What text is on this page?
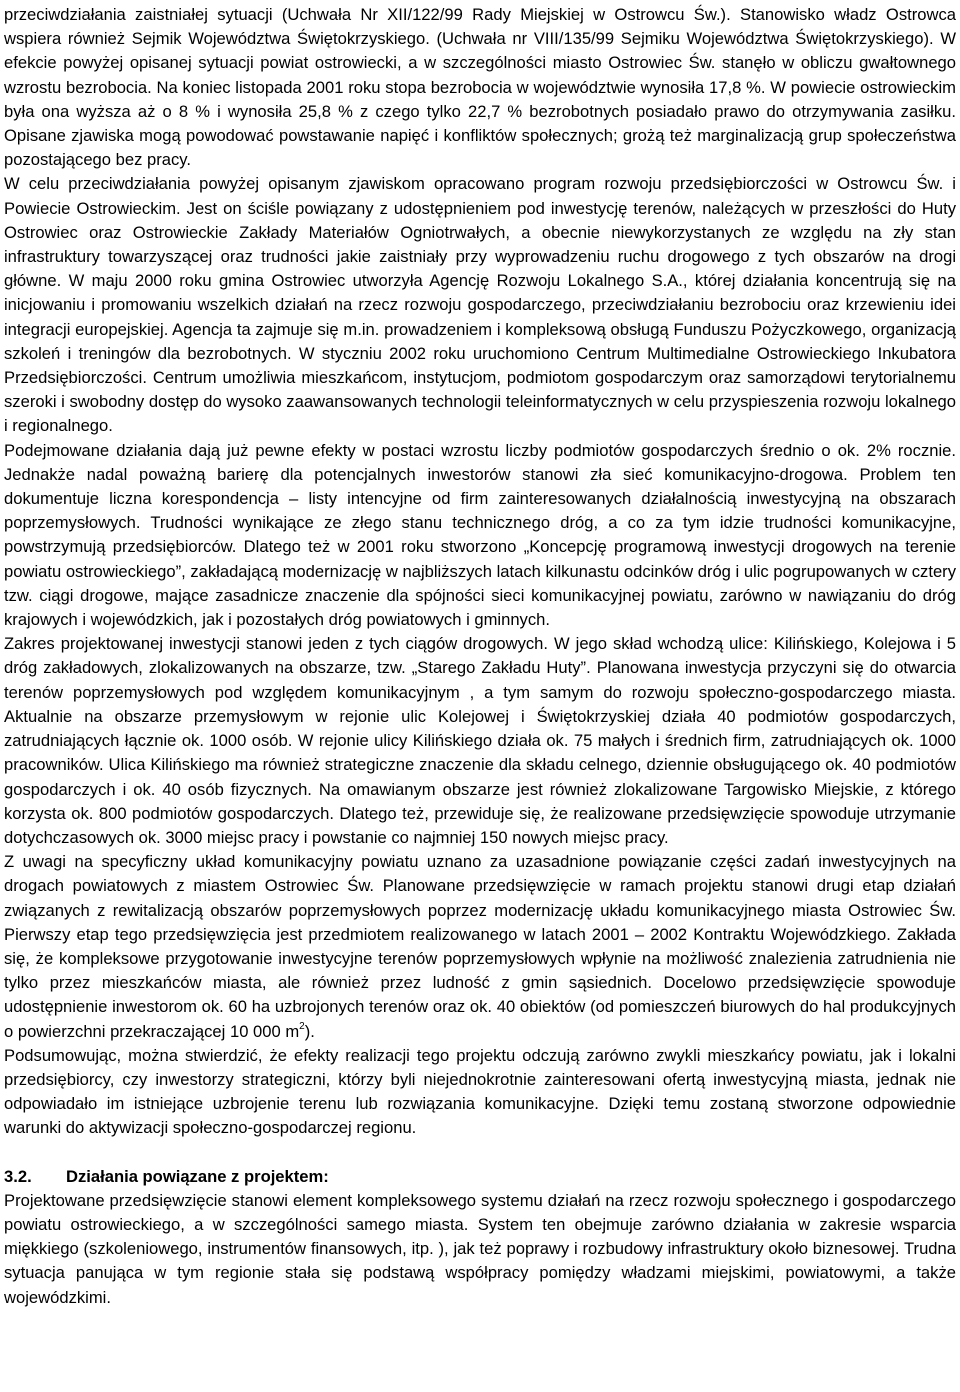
przeciwdziałania zaistniałej sytuacji (Uchwała Nr XII/122/99 Rady Miejskiej w Ostrowcu Św.). Stanowisko władz Ostrowca wspiera również Sejmik Województwa Świętokrzyskiego. (Uchwała nr VIII/135/99 Sejmiku Województwa Świętokrzyskiego). W efekcie powyżej opisanej sytuacji powiat ostrowiecki, a w szczególności miasto Ostrowiec Św. stanęło w obliczu gwałtownego wzrostu bezrobocia. Na koniec listopada 2001 roku stopa bezrobocia w województwie wynosiła 17,8 %. W powiecie ostrowieckim była ona wyższa aż o 8 % i wynosiła 25,8 % z czego tylko 22,7 % bezrobotnych posiadało prawo do otrzymywania zasiłku. Opisane zjawiska mogą powodować powstawanie napięć i konfliktów społecznych; grożą też marginalizacją grup społeczeństwa pozostającego bez pracy.

W celu przeciwdziałania powyżej opisanym zjawiskom opracowano program rozwoju przedsiębiorczości w Ostrowcu Św. i Powiecie Ostrowieckim. Jest on ściśle powiązany z udostępnieniem pod inwestycję terenów, należących w przeszłości do Huty Ostrowiec oraz Ostrowieckie Zakłady Materiałów Ogniotrwałych, a obecnie niewykorzystanych ze względu na zły stan infrastruktury towarzyszącej oraz trudności jakie zaistniały przy wyprowadzeniu ruchu drogowego z tych obszarów na drogi główne. W maju 2000 roku gmina Ostrowiec utworzyła Agencję Rozwoju Lokalnego S.A., której działania koncentrują się na inicjowaniu i promowaniu wszelkich działań na rzecz rozwoju gospodarczego, przeciwdziałaniu bezrobociu oraz krzewieniu idei integracji europejskiej. Agencja ta zajmuje się m.in. prowadzeniem i kompleksową obsługą Funduszu Pożyczkowego, organizacją szkoleń i treningów dla bezrobotnych. W styczniu 2002 roku uruchomiono Centrum Multimedialne Ostrowieckiego Inkubatora Przedsiębiorczości. Centrum umożliwia mieszkańcom, instytucjom, podmiotom gospodarczym oraz samorządowi terytorialnemu szeroki i swobodny dostęp do wysoko zaawansowanych technologii teleinformatycznych w celu przyspieszenia rozwoju lokalnego i regionalnego.

Podejmowane działania dają już pewne efekty w postaci wzrostu liczby podmiotów gospodarczych średnio o ok. 2% rocznie. Jednakże nadal poważną barierę dla potencjalnych inwestorów stanowi zła sieć komunikacyjno-drogowa. Problem ten dokumentuje liczna korespondencja – listy intencyjne od firm zainteresowanych działalnością inwestycyjną na obszarach poprzemysłowych. Trudności wynikające ze złego stanu technicznego dróg, a co za tym idzie trudności komunikacyjne, powstrzymują przedsiębiorców. Dlatego też w 2001 roku stworzono „Koncepcję programową inwestycji drogowych na terenie powiatu ostrowieckiego”, zakładającą modernizację w najbliższych latach kilkunastu odcinków dróg i ulic pogrupowanych w cztery tzw. ciągi drogowe, mające zasadnicze znaczenie dla spójności sieci komunikacyjnej powiatu, zarówno w nawiązaniu do dróg krajowych i wojewódzkich, jak i pozostałych dróg powiatowych i gminnych.

Zakres projektowanej inwestycji stanowi jeden z tych ciągów drogowych. W jego skład wchodzą ulice: Kilińskiego, Kolejowa i 5 dróg zakładowych, zlokalizowanych na obszarze, tzw. „Starego Zakładu Huty”. Planowana inwestycja przyczyni się do otwarcia terenów poprzemysłowych pod względem komunikacyjnym , a tym samym do rozwoju społeczno-gospodarczego miasta. Aktualnie na obszarze przemysłowym w rejonie ulic Kolejowej i Świętokrzyskiej działa 40 podmiotów gospodarczych, zatrudniających łącznie ok. 1000 osób. W rejonie ulicy Kilińskiego działa ok. 75 małych i średnich firm, zatrudniających ok. 1000 pracowników. Ulica Kilińskiego ma również strategiczne znaczenie dla składu celnego, dziennie obsługującego ok. 40 podmiotów gospodarczych i ok. 40 osób fizycznych. Na omawianym obszarze jest również zlokalizowane Targowisko Miejskie, z którego korzysta ok. 800 podmiotów gospodarczych. Dlatego też, przewiduje się, że realizowane przedsięwzięcie spowoduje utrzymanie dotychczasowych ok. 3000 miejsc pracy i powstanie co najmniej 150 nowych miejsc pracy.

Z uwagi na specyficzny układ komunikacyjny powiatu uznano za uzasadnione powiązanie części zadań inwestycyjnych na drogach powiatowych z miastem Ostrowiec Św. Planowane przedsięwzięcie w ramach projektu stanowi drugi etap działań związanych z rewitalizacją obszarów poprzemysłowych poprzez modernizację układu komunikacyjnego miasta Ostrowiec Św. Pierwszy etap tego przedsięwzięcia jest przedmiotem realizowanego w latach 2001 – 2002 Kontraktu Wojewódzkiego. Zakłada się, że kompleksowe przygotowanie inwestycyjne terenów poprzemysłowych wpłynie na możliwość znalezienia zatrudnienia nie tylko przez mieszkańców miasta, ale również przez ludność z gmin sąsiednich. Docelowo przedsięwzięcie spowoduje udostępnienie inwestorom ok. 60 ha uzbrojonych terenów oraz ok. 40 obiektów (od pomieszczeń biurowych do hal produkcyjnych o powierzchni przekraczającej 10 000 $m^2$).

Podsumowując, można stwierdzić, że efekty realizacji tego projektu odczują zarówno zwykli mieszkańcy powiatu, jak i lokalni przedsiębiorcy, czy inwestorzy strategiczni, którzy byli niejednokrotnie zainteresowani ofertą inwestycyjną miasta, jednak nie odpowiadało im istniejące uzbrojenie terenu lub rozwiązania komunikacyjne. Dzięki temu zostaną stworzone odpowiednie warunki do aktywizacji społeczno-gospodarczej regionu.

3.2. Działania powiązane z projektem:

Projektowane przedsięwzięcie stanowi element kompleksowego systemu działań na rzecz rozwoju społecznego i gospodarczego powiatu ostrowieckiego, a w szczególności samego miasta. System ten obejmuje zarówno działania w zakresie wsparcia miękkiego (szkoleniowego, instrumentów finansowych, itp. ), jak też poprawy i rozbudowy infrastruktury około biznesowej. Trudna sytuacja panująca w tym regionie stała się podstawą współpracy pomiędzy władzami miejskimi, powiatowymi, a także wojewódzkimi.
